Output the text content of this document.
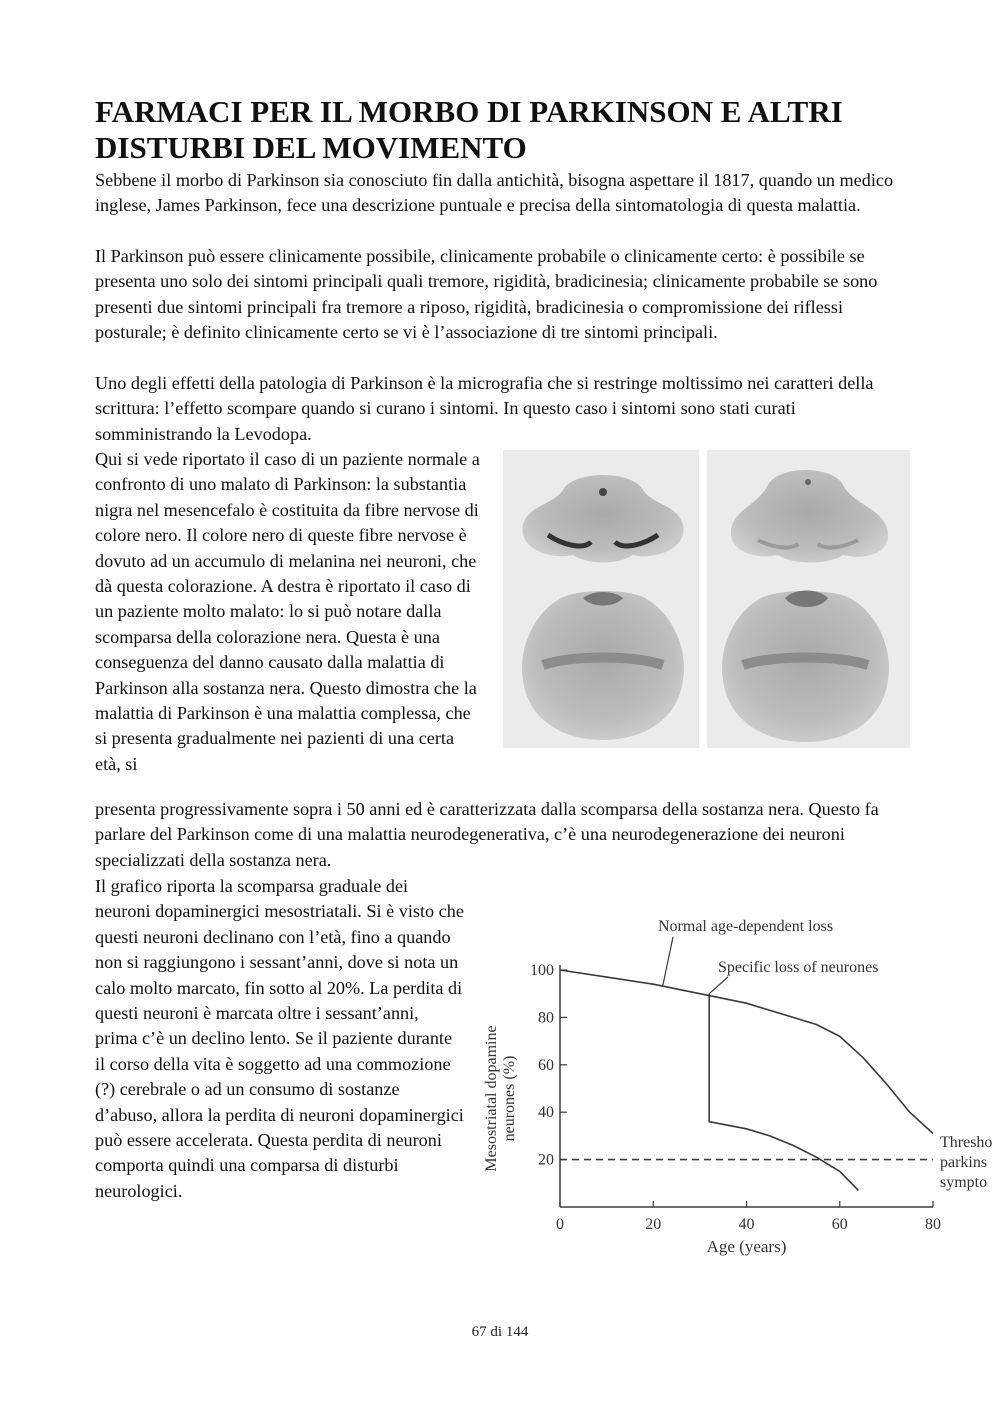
FARMACI PER IL MORBO DI PARKINSON E ALTRI DISTURBI DEL MOVIMENTO

Sebbene il morbo di Parkinson sia conosciuto fin dalla antichità, bisogna aspettare il 1817, quando un medico inglese, James Parkinson, fece una descrizione puntuale e precisa della sintomatologia di questa malattia.

Il Parkinson può essere clinicamente possibile, clinicamente probabile o clinicamente certo: è possibile se presenta uno solo dei sintomi principali quali tremore, rigidità, bradicinesia; clinicamente probabile se sono presenti due sintomi principali fra tremore a riposo, rigidità, bradicinesia o compromissione dei riflessi posturale; è definito clinicamente certo se vi è l’associazione di tre sintomi principali.

Uno degli effetti della patologia di Parkinson è la micrografia che si restringe moltissimo nei caratteri della scrittura: l’effetto scompare quando si curano i sintomi. In questo caso i sintomi sono stati curati somministrando la Levodopa.

Qui si vede riportato il caso di un paziente normale a confronto di uno malato di Parkinson: la substantia nigra nel mesencefalo è costituita da fibre nervose di colore nero. Il colore nero di queste fibre nervose è dovuto ad un accumulo di melanina nei neuroni, che dà questa colorazione. A destra è riportato il caso di un paziente molto malato: lo si può notare dalla scomparsa della colorazione nera. Questa è una conseguenza del danno causato dalla malattia di Parkinson alla sostanza nera. Questo dimostra che la malattia di Parkinson è una malattia complessa, che si presenta gradualmente nei pazienti di una certa età, si

presenta progressivamente sopra i 50 anni ed è caratterizzata dalla scomparsa della sostanza nera. Questo fa parlare del Parkinson come di una malattia neurodegenerativa, c’è una neurodegenerazione dei neuroni specializzati della sostanza nera.

Il grafico riporta la scomparsa graduale dei neuroni dopaminergici mesostriatali. Si è visto che questi neuroni declinano con l’età, fino a quando non si raggiungono i sessant’anni, dove si nota un calo molto marcato, fin sotto al 20%. La perdita di questi neuroni è marcata oltre i sessant’anni, prima c’è un declino lento. Se il paziente durante il corso della vita è soggetto ad una commozione (?) cerebrale o ad un consumo di sostanze d’abuso, allora la perdita di neuroni dopaminergici può essere accelerata. Questa perdita di neuroni comporta quindi una comparsa di disturbi neurologici.

0	20	40	60	80
20
40
60
80
100
Age (years)
Mesostriatal dopamineneurones (%)
Normal age-dependent loss
Specific loss of neurones
Thresho
parkins
sympto
67 di 144
